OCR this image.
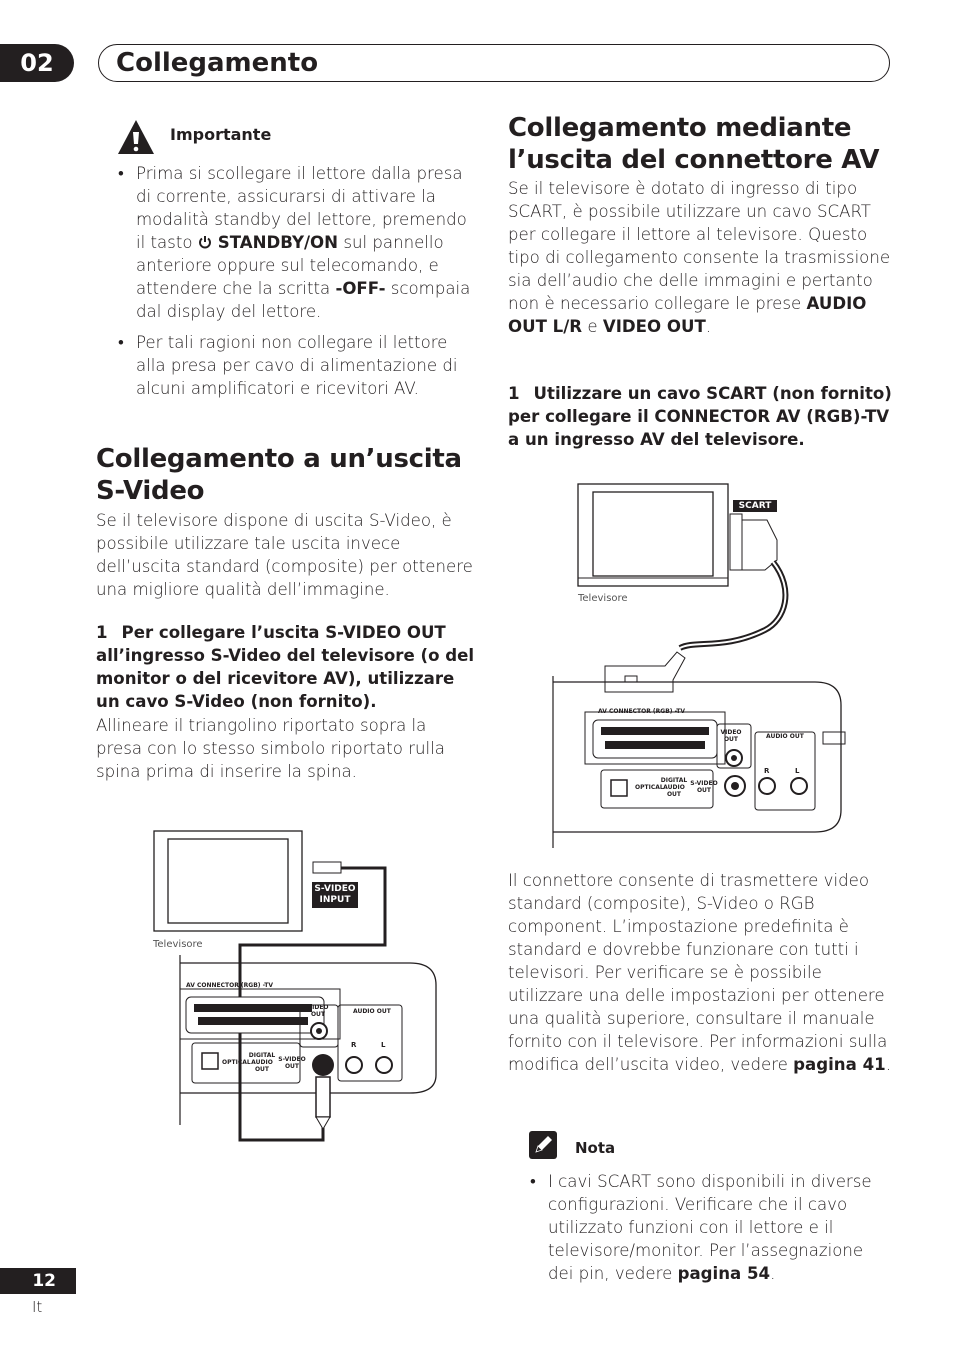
02	Collegamento
Importante
• Prima si scollegare il lettore dalla presa di corrente, assicurarsi di attivare la modalità standby del lettore, premendo il tasto STANDBY/ON sul pannello anteriore oppure sul telecomando, e attendere che la scritta -OFF- scompaia dal display del lettore.
• Per tali ragioni non collegare il lettore alla presa per cavo di alimentazione di alcuni amplificatori e ricevitori AV.
Collegamento a un’uscita S-Video
Se il televisore dispone di uscita S-Video, è possibile utilizzare tale uscita invece dell’uscita standard (composite) per ottenere una migliore qualità dell’immagine.
1 Per collegare l’uscita S-VIDEO OUT all’ingresso S-Video del televisore (o del monitor o del ricevitore AV), utilizzare un cavo S-Video (non fornito).
Allineare il triangolino riportato sopra la presa con lo stesso simbolo riportato rulla spina prima di inserire la spina.
Televisore
S-VIDEO INPUT
AV CONNECTOR (RGB) -TV
VIDEO OUT	AUDIO OUT
OPTICAL
DIGITAL AUDIO OUT
S-VIDEO OUT
R	L
Collegamento mediante l’uscita del connettore AV
Se il televisore è dotato di ingresso di tipo SCART, è possibile utilizzare un cavo SCART per collegare il lettore al televisore. Questo tipo di collegamento consente la trasmissione sia dell’audio che delle immagini e pertanto non è necessario collegare le prese AUDIO OUT L/R e VIDEO OUT.
1 Utilizzare un cavo SCART (non fornito) per collegare il CONNECTOR AV (RGB)-TV a un ingresso AV del televisore.
Televisore
SCART
AV CONNECTOR (RGB) -TV
VIDEO OUT	AUDIO OUT
OPTICAL
DIGITAL AUDIO OUT
S-VIDEO OUT
R	L
Il connettore consente di trasmettere video standard (composite), S-Video o RGB component. L’impostazione predefinita è standard e dovrebbe funzionare con tutti i televisori. Per verificare se è possibile utilizzare una delle impostazioni per ottenere una qualità superiore, consultare il manuale fornito con il televisore. Per informazioni sulla modifica dell’uscita video, vedere pagina 41.
Nota
• I cavi SCART sono disponibili in diverse configurazioni. Verificare che il cavo utilizzato funzioni con il lettore e il televisore/monitor. Per l’assegnazione dei pin, vedere pagina 54.
12
It
